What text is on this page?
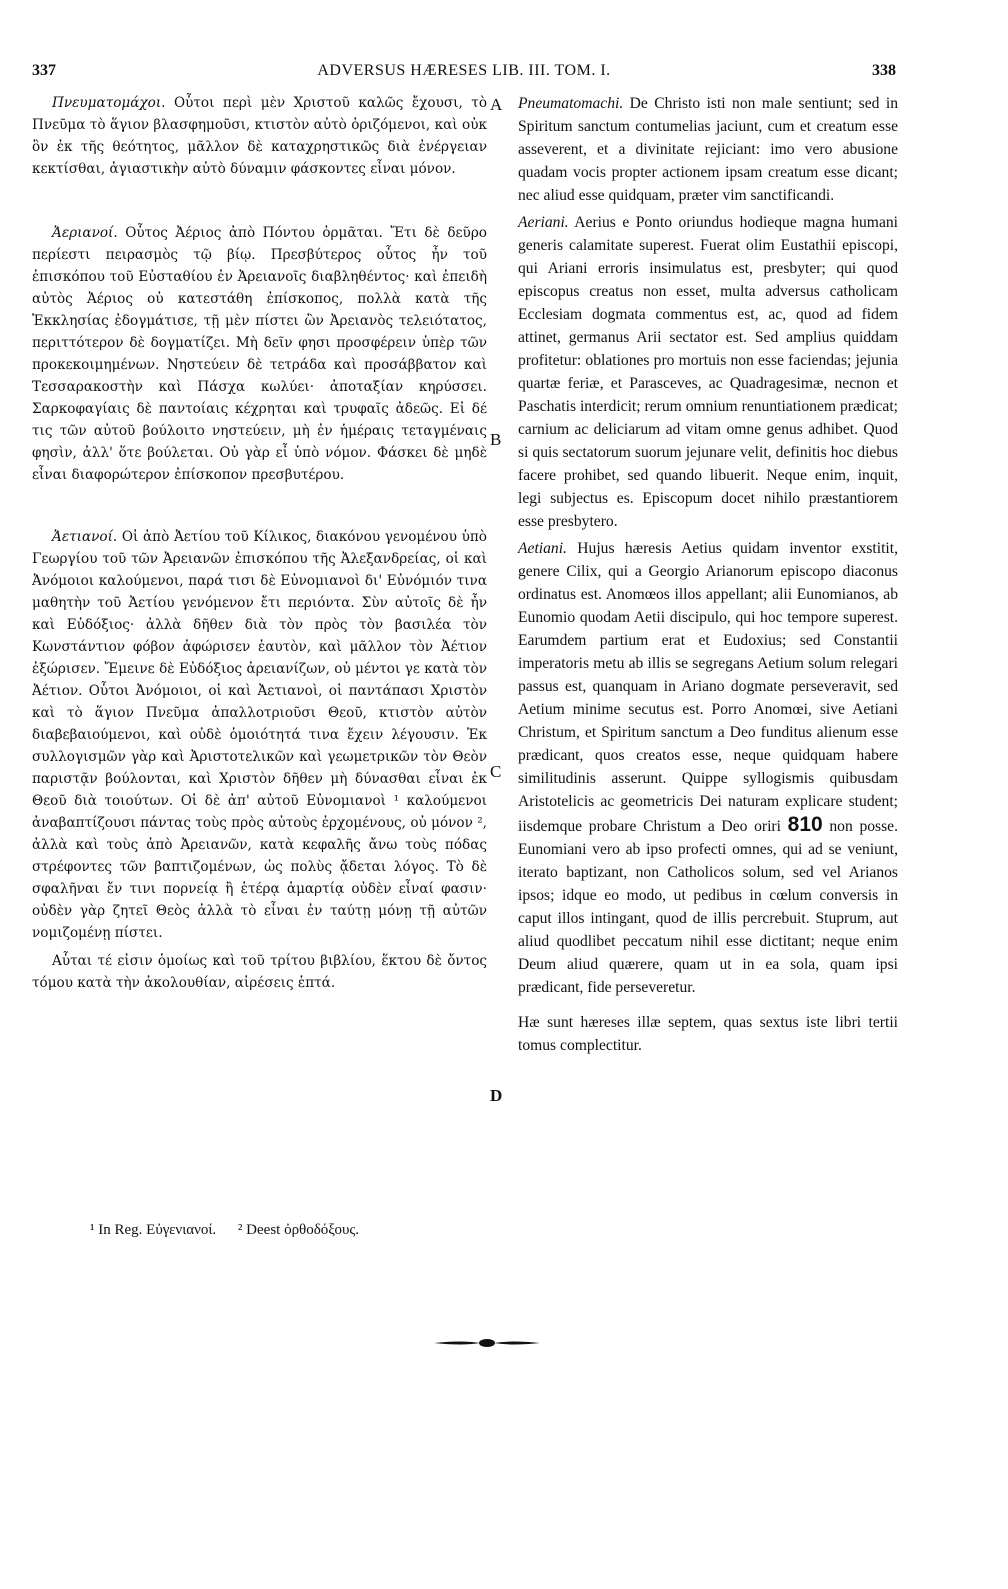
337	ADVERSUS HÆRESES LIB. III. TOM. I.	338

Πνευματομάχοι. Οὗτοι περὶ μὲν Χριστοῦ καλῶς ἔχουσι, τὸ Πνεῦμα τὸ ἅγιον βλασφημοῦσι, κτιστὸν αὐτὸ ὁριζόμενοι, καὶ οὐκ ὂν ἐκ τῆς θεότητος, μᾶλλον δὲ καταχρηστικῶς διὰ ἐνέργειαν κεκτίσθαι, ἁγιαστικὴν αὐτὸ δύναμιν φάσκοντες εἶναι μόνον.

Ἀεριανοί. Οὗτος Ἀέριος ἀπὸ Πόντου ὁρμᾶται. Ἔτι δὲ δεῦρο περίεστι πειρασμὸς τῷ βίῳ. Πρεσβύτερος οὗτος ἦν τοῦ ἐπισκόπου τοῦ Εὐσταθίου ἐν Ἀρειανοῖς διαβληθέντος· καὶ ἐπειδὴ αὐτὸς Ἀέριος οὐ κατεστάθη ἐπίσκοπος, πολλὰ κατὰ τῆς Ἐκκλησίας ἐδογμάτισε, τῇ μὲν πίστει ὢν Ἀρειανὸς τελειότατος, περιττότερον δὲ δογματίζει. Μὴ δεῖν φησι προσφέρειν ὑπὲρ τῶν προκεκοιμημένων. Νηστεύειν δὲ τετράδα καὶ προσάββατον καὶ Τεσσαρακοστὴν καὶ Πάσχα κωλύει· ἀποταξίαν κηρύσσει. Σαρκοφαγίαις δὲ παντοίαις κέχρηται καὶ τρυφαῖς ἀδεῶς. Εἰ δέ τις τῶν αὐτοῦ βούλοιτο νηστεύειν, μὴ ἐν ἡμέραις τεταγμέναις φησὶν, ἀλλ' ὅτε βούλεται. Οὐ γὰρ εἶ ὑπὸ νόμον. Φάσκει δὲ μηδὲ εἶναι διαφορώτερον ἐπίσκοπον πρεσβυτέρου.

Ἀετιανοί. Οἱ ἀπὸ Ἀετίου τοῦ Κίλικος, διακόνου γενομένου ὑπὸ Γεωργίου τοῦ τῶν Ἀρειανῶν ἐπισκόπου τῆς Ἀλεξανδρείας, οἱ καὶ Ἀνόμοιοι καλούμενοι, παρά τισι δὲ Εὐνομιανοὶ δι' Εὐνόμιόν τινα μαθητὴν τοῦ Ἀετίου γενόμενον ἔτι περιόντα. Σὺν αὐτοῖς δὲ ἦν καὶ Εὐδόξιος· ἀλλὰ δῆθεν διὰ τὸν πρὸς τὸν βασιλέα τὸν Κωνστάντιον φόβον ἀφώρισεν ἑαυτὸν, καὶ μᾶλλον τὸν Ἀέτιον ἐξώρισεν. Ἔμεινε δὲ Εὐδόξιος ἀρειανίζων, οὐ μέντοι γε κατὰ τὸν Ἀέτιον. Οὗτοι Ἀνόμοιοι, οἱ καὶ Ἀετιανοὶ, οἱ παντάπασι Χριστὸν καὶ τὸ ἅγιον Πνεῦμα ἀπαλλοτριοῦσι Θεοῦ, κτιστὸν αὐτὸν διαβεβαιούμενοι, καὶ οὐδὲ ὁμοιότητά τινα ἔχειν λέγουσιν. Ἐκ συλλογισμῶν γὰρ καὶ Ἀριστοτελικῶν καὶ γεωμετρικῶν τὸν Θεὸν παριστᾷν βούλονται, καὶ Χριστὸν δῆθεν μὴ δύνασθαι εἶναι ἐκ Θεοῦ διὰ τοιούτων. Οἱ δὲ ἀπ' αὐτοῦ Εὐνομιανοὶ ¹ καλούμενοι ἀναβαπτίζουσι πάντας τοὺς πρὸς αὐτοὺς ἐρχομένους, οὐ μόνον ², ἀλλὰ καὶ τοὺς ἀπὸ Ἀρειανῶν, κατὰ κεφαλῆς ἄνω τοὺς πόδας στρέφοντες τῶν βαπτιζομένων, ὡς πολὺς ᾄδεται λόγος. Τὸ δὲ σφαλῆναι ἔν τινι πορνείᾳ ἢ ἑτέρᾳ ἁμαρτίᾳ οὐδὲν εἶναί φασιν· οὐδὲν γὰρ ζητεῖ Θεὸς ἀλλὰ τὸ εἶναι ἐν ταύτῃ μόνῃ τῇ αὐτῶν νομιζομένῃ πίστει.

Αὗται τέ εἰσιν ὁμοίως καὶ τοῦ τρίτου βιβλίου, ἕκτου δὲ ὄντος τόμου κατὰ τὴν ἀκολουθίαν, αἱρέσεις ἑπτά.

A
B
C
D

Pneumatomachi. De Christo isti non male sentiunt; sed in Spiritum sanctum contumelias jaciunt, cum et creatum esse asseverent, et a divinitate rejiciant: imo vero abusione quadam vocis propter actionem ipsam creatum esse dicant; nec aliud esse quidquam, præter vim sanctificandi.

Aeriani. Aerius e Ponto oriundus hodieque magna humani generis calamitate superest. Fuerat olim Eustathii episcopi, qui Ariani erroris insimulatus est, presbyter; qui quod episcopus creatus non esset, multa adversus catholicam Ecclesiam dogmata commentus est, ac, quod ad fidem attinet, germanus Arii sectator est. Sed amplius quiddam profitetur: oblationes pro mortuis non esse faciendas; jejunia quartæ feriæ, et Parasceves, ac Quadragesimæ, necnon et Paschatis interdicit; rerum omnium renuntiationem prædicat; carnium ac deliciarum ad vitam omne genus adhibet. Quod si quis sectatorum suorum jejunare velit, definitis hoc diebus facere prohibet, sed quando libuerit. Neque enim, inquit, legi subjectus es. Episcopum docet nihilo præstantiorem esse presbytero.

Aetiani. Hujus hæresis Aetius quidam inventor exstitit, genere Cilix, qui a Georgio Arianorum episcopo diaconus ordinatus est. Anomœos illos appellant; alii Eunomianos, ab Eunomio quodam Aetii discipulo, qui hoc tempore superest. Earumdem partium erat et Eudoxius; sed Constantii imperatoris metu ab illis se segregans Aetium solum relegari passus est, quanquam in Ariano dogmate perseveravit, sed Aetium minime secutus est. Porro Anomœi, sive Aetiani Christum, et Spiritum sanctum a Deo funditus alienum esse prædicant, quos creatos esse, neque quidquam habere similitudinis asserunt. Quippe syllogismis quibusdam Aristotelicis ac geometricis Dei naturam explicare student; iisdemque probare Christum a Deo oriri 810 non posse. Eunomiani vero ab ipso profecti omnes, qui ad se veniunt, iterato baptizant, non Catholicos solum, sed vel Arianos ipsos; idque eo modo, ut pedibus in cœlum conversis in caput illos intingant, quod de illis percrebuit. Stuprum, aut aliud quodlibet peccatum nihil esse dictitant; neque enim Deum aliud quærere, quam ut in ea sola, quam ipsi prædicant, fide perseveretur.

Hæ sunt hæreses illæ septem, quas sextus iste libri tertii tomus complectitur.

¹ In Reg. Εὐγενιανοί. ² Deest ὀρθοδόξους.
